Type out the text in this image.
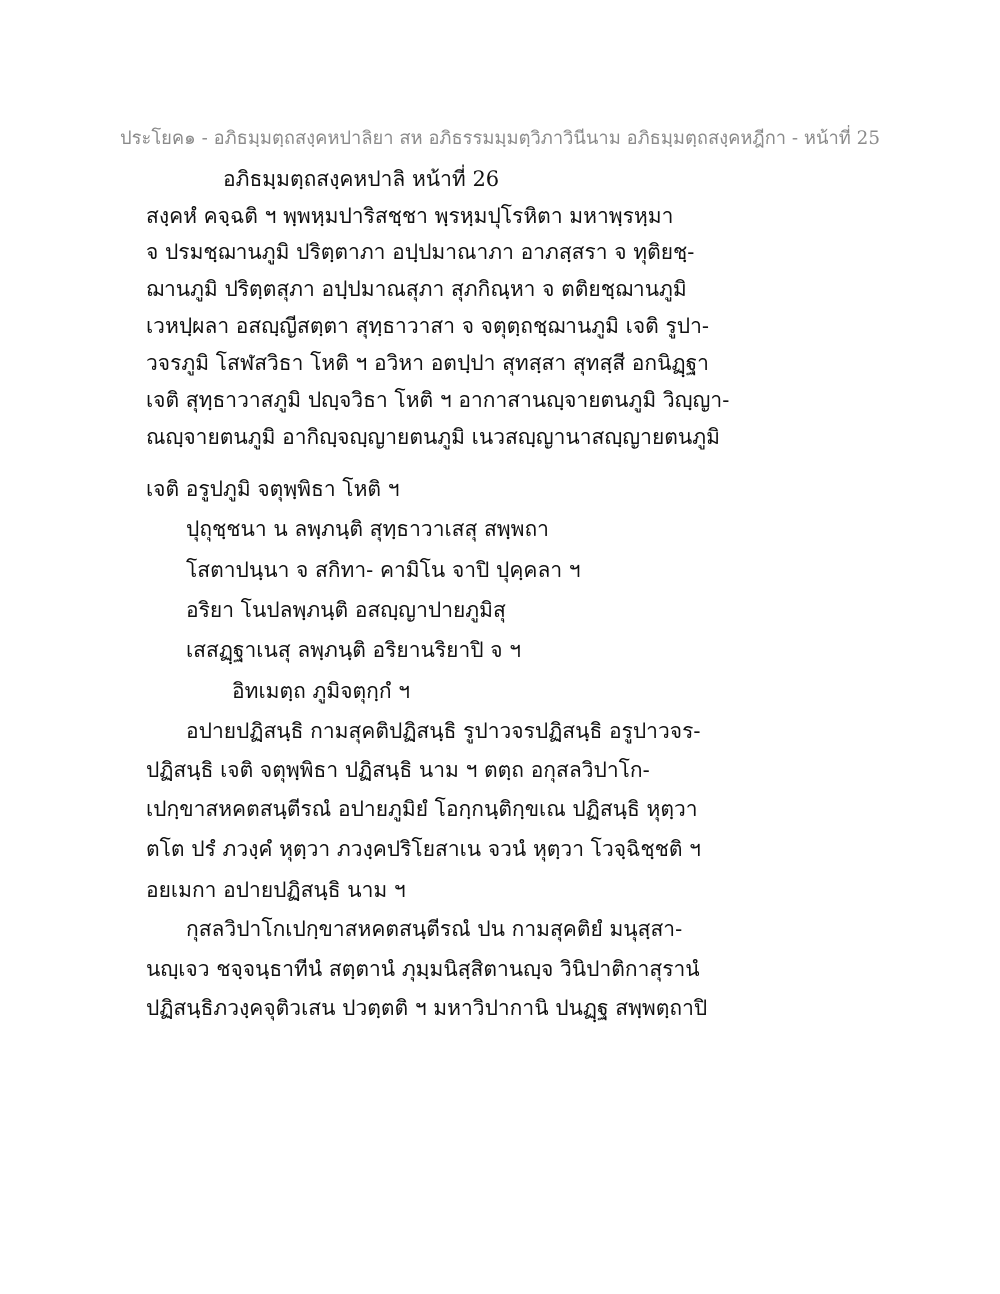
ประโยค๑ - อภิธมฺมตฺถสงฺคหปาลิยา สห อภิธรรมมฺมตฺวิภาวินีนาม อภิธมฺมตฺถสงฺคหฎีกา - หน้าที่ 25
อภิธมฺมตฺถสงฺคหปาลิ หน้าที่ 26
สงฺคหํ คจฺฉติ ฯ พฺพหฺมปาริสชฺชา พฺรหฺมปุโรหิตา มหาพฺรหฺมา
จ ปรมชฺฌานภูมิ ปริตฺตาภา อปฺปมาณาภา อาภสฺสรา จ ทุติยชฺ-
ฌานภูมิ ปริตฺตสุภา อปฺปมาณสุภา สุภกิณฺหา จ ตติยชฺฌานภูมิ
เวหปฺผลา อสญฺญีสตฺตา สุทฺธาวาสา จ จตุตฺถชฺฌานภูมิ เจติ รูปา-
วจรภูมิ โสฬสวิธา โหติ ฯ อวิหา อตปฺปา สุทสฺสา สุทสฺสี อกนิฏฺฐา
เจติ สุทฺธาวาสภูมิ ปญฺจวิธา โหติ ฯ อากาสานญฺจายตนภูมิ วิญฺญา-
ณญฺจายตนภูมิ อากิญฺจญฺญายตนภูมิ เนวสญฺญานาสญฺญายตนภูมิ
เจติ อรูปภูมิ จตุพฺพิธา โหติ ฯ
ปุถุชฺชนา น ลพฺภนฺติ สุทฺธาวาเสสุ สพฺพถา
โสตาปนฺนา จ สกิทา- คามิโน จาปิ ปุคฺคลา ฯ
อริยา โนปลพฺภนฺติ อสญฺญาปายภูมิสุ
เสสฏฺฐาเนสุ ลพฺภนฺติ อริยานริยาปิ จ ฯ
อิทเมตฺถ ภูมิจตุกฺกํ ฯ
อปายปฏิสนฺธิ กามสุคติปฏิสนฺธิ รูปาวจรปฏิสนฺธิ อรูปาวจร-
ปฏิสนฺธิ เจติ จตุพฺพิธา ปฏิสนฺธิ นาม ฯ ตตฺถ อกุสลวิปาโก-
เปกฺขาสหคตสนฺตีรณํ อปายภูมิยํ โอกฺกนฺติกฺขเณ ปฏิสนฺธิ หุตฺวา
ตโต ปรํ ภวงฺคํ หุตฺวา ภวงฺคปริโยสาเน จวนํ หุตฺวา โวจฺฉิชฺชติ ฯ
อยเมกา อปายปฏิสนฺธิ นาม ฯ
กุสลวิปาโกเปกฺขาสหคตสนฺตีรณํ ปน กามสุคติยํ มนุสฺสา-
นญฺเจว ชจฺจนฺธาทีนํ สตฺตานํ ภุมฺมนิสฺสิตานญฺจ วินิปาติกาสุรานํ
ปฏิสนฺธิภวงฺคจุติวเสน ปวตฺตติ ฯ มหาวิปากานิ ปนฏฺฐ สพฺพตฺถาปิ
